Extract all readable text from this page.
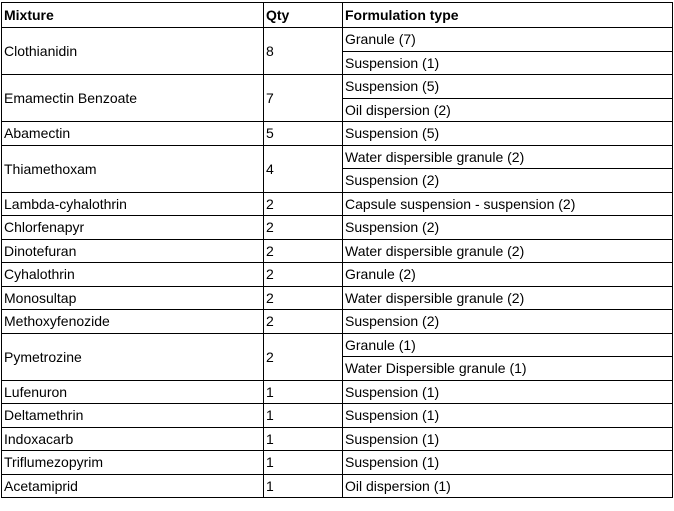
Mixture	Qty	Formulation type
Clothianidin	8	Granule (7)
		Suspension (1)
Emamectin Benzoate	7	Suspension (5)
		Oil dispersion (2)
Abamectin	5	Suspension (5)
Thiamethoxam	4	Water dispersible granule (2)
		Suspension (2)
Lambda-cyhalothrin	2	Capsule suspension - suspension (2)
Chlorfenapyr	2	Suspension (2)
Dinotefuran	2	Water dispersible granule (2)
Cyhalothrin	2	Granule (2)
Monosultap	2	Water dispersible granule (2)
Methoxyfenozide	2	Suspension (2)
Pymetrozine	2	Granule (1)
		Water Dispersible granule (1)
Lufenuron	1	Suspension (1)
Deltamethrin	1	Suspension (1)
Indoxacarb	1	Suspension (1)
Triflumezopyrim	1	Suspension (1)
Acetamiprid	1	Oil dispersion (1)
